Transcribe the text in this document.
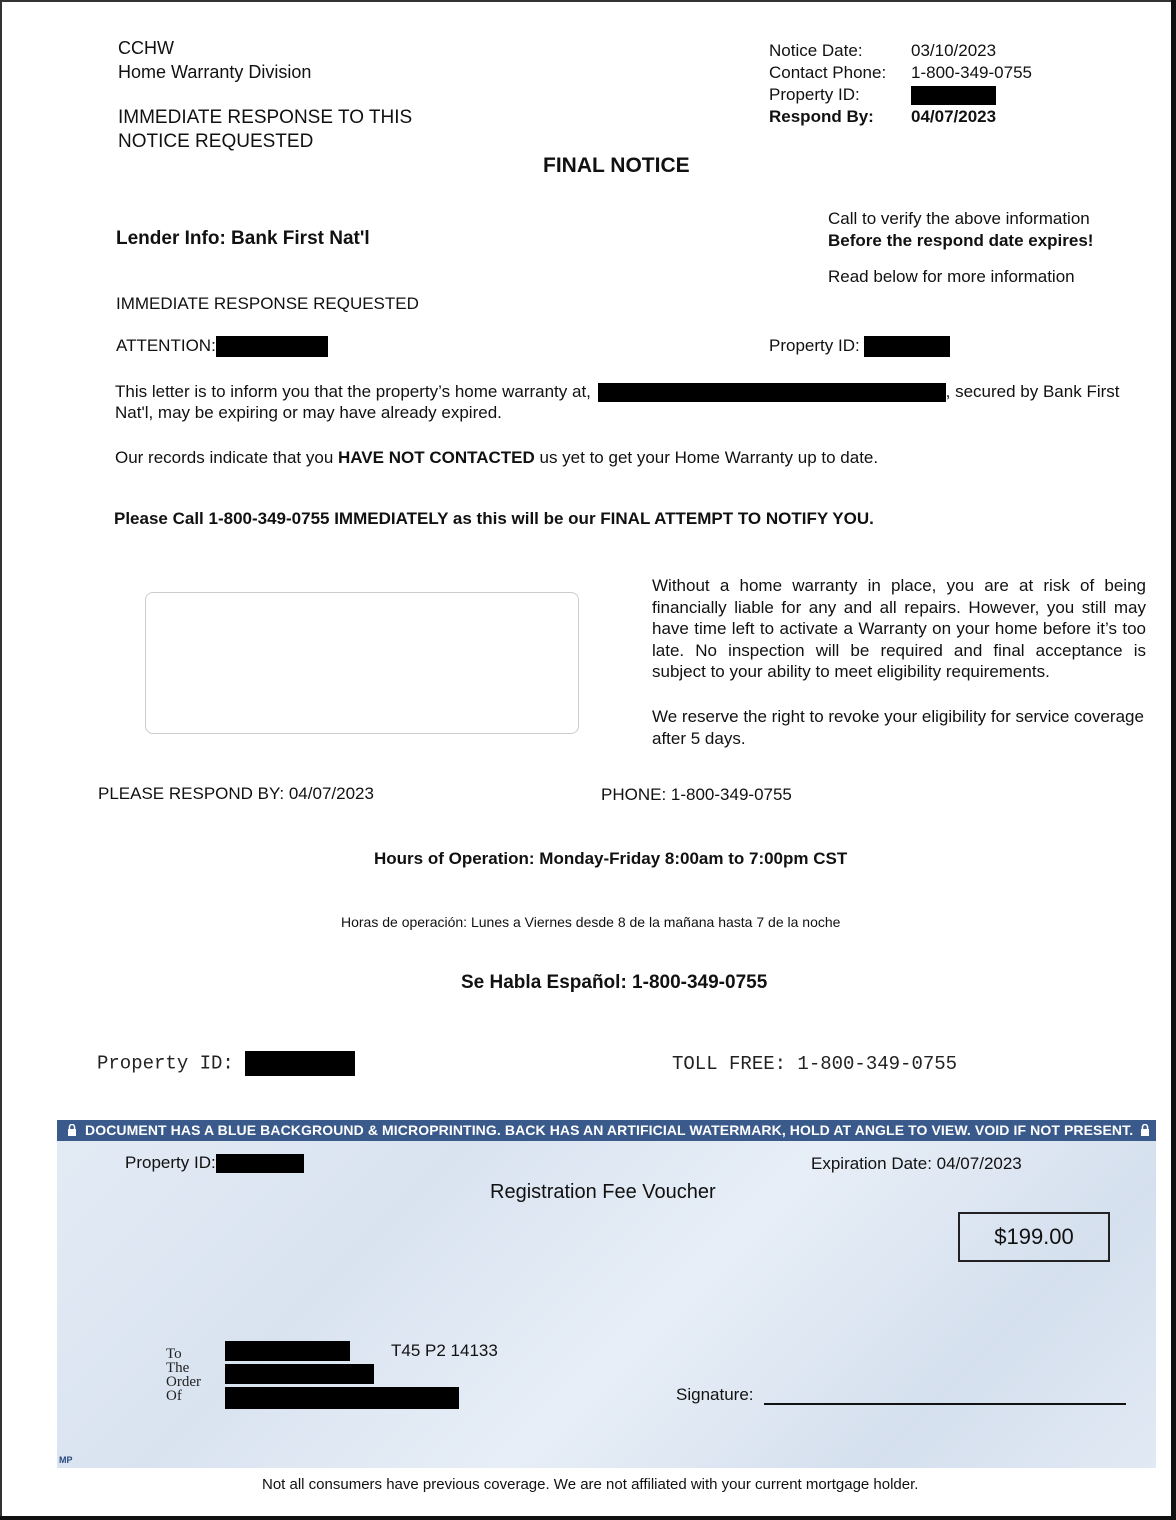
CCHW
Home Warranty Division
IMMEDIATE RESPONSE TO THIS
NOTICE REQUESTED
Notice Date:	03/10/2023
Contact Phone:	1-800-349-0755
Property ID:	
Respond By:	04/07/2023
FINAL NOTICE
Lender Info: Bank First Nat'l
Call to verify the above information
Before the respond date expires!
Read below for more information
IMMEDIATE RESPONSE REQUESTED
ATTENTION:	Property ID:
This letter is to inform you that the property’s home warranty at,	, secured by Bank First
Nat'l, may be expiring or may have already expired.
Our records indicate that you HAVE NOT CONTACTED us yet to get your Home Warranty up to date.
Please Call 1-800-349-0755 IMMEDIATELY as this will be our FINAL ATTEMPT TO NOTIFY YOU.
Without a home warranty in place, you are at risk of being financially liable for any and all repairs. However, you still may have time left to activate a Warranty on your home before it’s too late. No inspection will be required and final acceptance is subject to your ability to meet eligibility requirements.
We reserve the right to revoke your eligibility for service coverage after 5 days.
PLEASE RESPOND BY: 04/07/2023	PHONE: 1-800-349-0755
Hours of Operation: Monday-Friday 8:00am to 7:00pm CST
Horas de operación: Lunes a Viernes desde 8 de la mañana hasta 7 de la noche
Se Habla Español: 1-800-349-0755
Property ID:	TOLL FREE: 1-800-349-0755
DOCUMENT HAS A BLUE BACKGROUND & MICROPRINTING. BACK HAS AN ARTIFICIAL WATERMARK, HOLD AT ANGLE TO VIEW. VOID IF NOT PRESENT.
Property ID:	Expiration Date: 04/07/2023
Registration Fee Voucher
$199.00
To
The
Order
Of
T45 P2 14133
Signature:
MP
Not all consumers have previous coverage. We are not affiliated with your current mortgage holder.
